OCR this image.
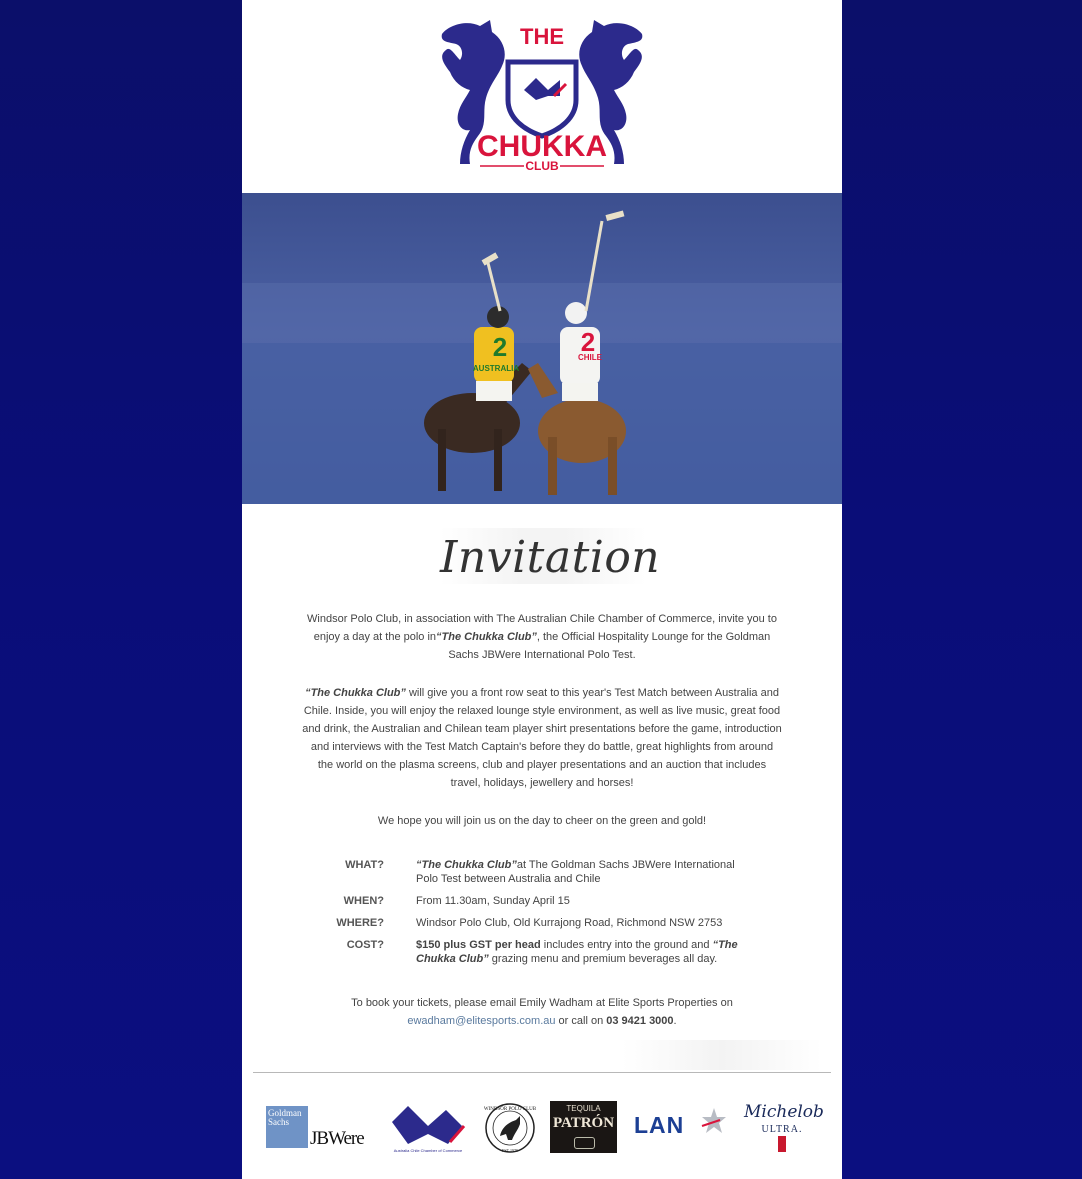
THE
CHUKKA
CLUB
2
AUSTRALIA
2
CHILE
Invitation
Windsor Polo Club, in association with The Australian Chile Chamber of Commerce, invite you to enjoy a day at the polo in“The Chukka Club”, the Official Hospitality Lounge for the Goldman Sachs JBWere International Polo Test.
“The Chukka Club” will give you a front row seat to this year's Test Match between Australia and Chile. Inside, you will enjoy the relaxed lounge style environment, as well as live music, great food and drink, the Australian and Chilean team player shirt presentations before the game, introduction and interviews with the Test Match Captain's before they do battle, great highlights from around the world on the plasma screens, club and player presentations and an auction that includes travel, holidays, jewellery and horses!
We hope you will join us on the day to cheer on the green and gold!
WHAT?	“The Chukka Club”at The Goldman Sachs JBWere International Polo Test between Australia and Chile
WHEN?	From 11.30am, Sunday April 15
WHERE?	Windsor Polo Club, Old Kurrajong Road, Richmond NSW 2753
COST?	$150 plus GST per head includes entry into the ground and “The Chukka Club” grazing menu and premium beverages all day.
To book your tickets, please email Emily Wadham at Elite Sports Properties on
ewadham@elitesports.com.au or call on 03 9421 3000.
Goldman
Sachs
JBWere
Australia Chile Chamber of Commerce
WINDSOR POLO CLUB
EST 1979
TEQUILA
PATRÓN LAN	Michelob
ULTRA.
